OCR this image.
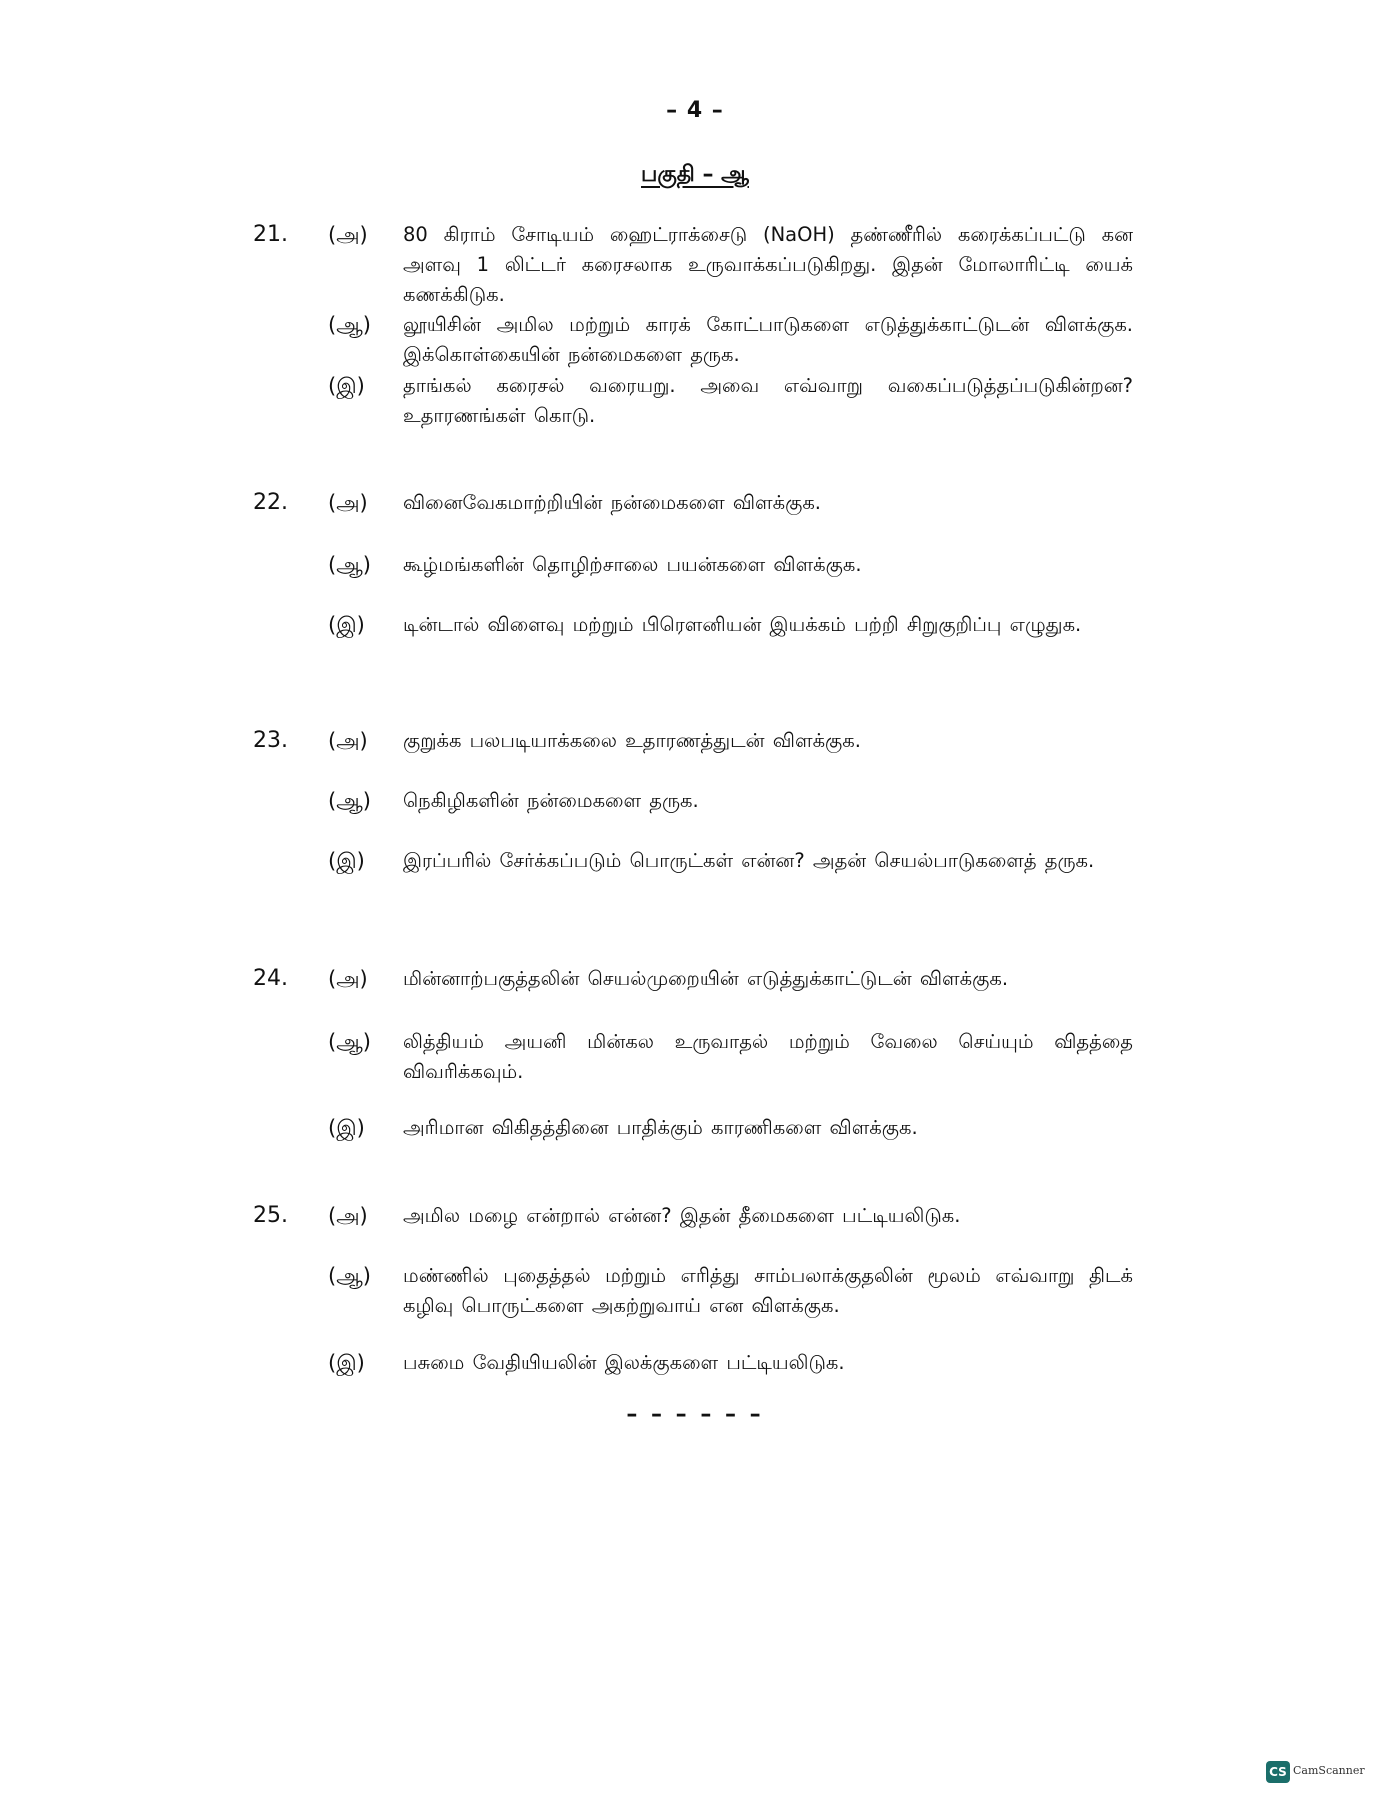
– 4 –
பகுதி – ஆ
21. (அ) 80 கிராம் சோடியம் ஹைட்ராக்சைடு (NaOH) தண்ணீரில் கரைக்கப்பட்டு கன அளவு 1 லிட்டர் கரைசலாக உருவாக்கப்படுகிறது. இதன் மோலாரிட்டி யைக் கணக்கிடுக.
(ஆ) லூயிசின் அமில மற்றும் காரக் கோட்பாடுகளை எடுத்துக்காட்டுடன் விளக்குக. இக்கொள்கையின் நன்மைகளை தருக.
(இ) தாங்கல் கரைசல் வரையறு. அவை எவ்வாறு வகைப்படுத்தப்படுகின்றன? உதாரணங்கள் கொடு.
22. (அ) வினைவேகமாற்றியின் நன்மைகளை விளக்குக.
(ஆ) கூழ்மங்களின் தொழிற்சாலை பயன்களை விளக்குக.
(இ) டின்டால் விளைவு மற்றும் பிரௌனியன் இயக்கம் பற்றி சிறுகுறிப்பு எழுதுக.
23. (அ) குறுக்க பலபடியாக்கலை உதாரணத்துடன் விளக்குக.
(ஆ) நெகிழிகளின் நன்மைகளை தருக.
(இ) இரப்பரில் சேர்க்கப்படும் பொருட்கள் என்ன? அதன் செயல்பாடுகளைத் தருக.
24. (அ) மின்னாற்பகுத்தலின் செயல்முறையின் எடுத்துக்காட்டுடன் விளக்குக.
(ஆ) லித்தியம் அயனி மின்கல உருவாதல் மற்றும் வேலை செய்யும் விதத்தை விவரிக்கவும்.
(இ) அரிமான விகிதத்தினை பாதிக்கும் காரணிகளை விளக்குக.
25. (அ) அமில மழை என்றால் என்ன? இதன் தீமைகளை பட்டியலிடுக.
(ஆ) மண்ணில் புதைத்தல் மற்றும் எரித்து சாம்பலாக்குதலின் மூலம் எவ்வாறு திடக் கழிவு பொருட்களை அகற்றுவாய் என விளக்குக.
(இ) பசுமை வேதியியலின் இலக்குகளை பட்டியலிடுக.
– – – – – –
CS CamScanner
